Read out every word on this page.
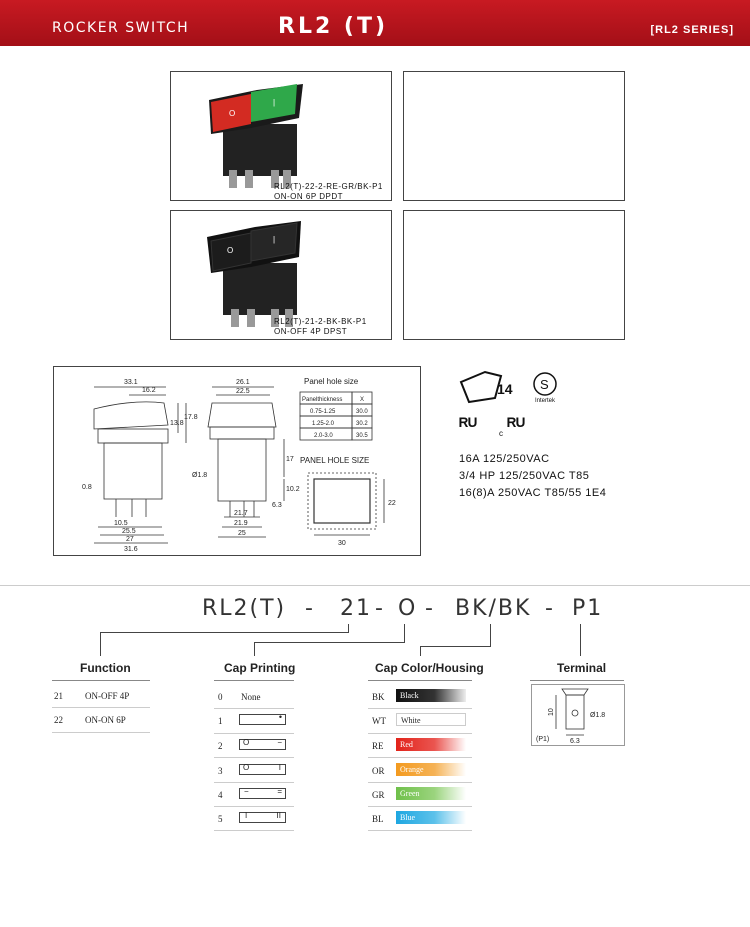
ROCKER SWITCH	RL2 (T)	[RL2 SERIES]
O
|
RL2(T)-22-2-RE-GR/BK-P1
ON-ON 6P DPDT
O
|
RL2(T)-21-2-BK-BK-P1
ON-OFF 4P DPST
33.1
16.2
13.8
17.8
0.8
10.5
25.5
27
31.6
26.1
22.5
17
10.2
6.3
21.7
21.9
25
Ø1.8
Panel hole size
Panelthickness	X
0.75-1.25	30.0
1.25-2.0	30.2
2.0-3.0	30.5
PANEL HOLE SIZE
30
22
14 S
Intertek
ᴿᵁ	c ᴿᵁ
16A 125/250VAC
3/4 HP 125/250VAC T85
16(8)A 250VAC T85/55 1E4
RL2(T) - 21 - O - BK/BK - P1
Function
21 ON-OFF 4P
22 ON-ON 6P
Cap Printing
0 None
1	•
2	O	−
3	O	I
4	−	=
5	I	II
Cap Color/Housing
BK	Black
WT	White
RE	Red
OR	Orange
GR	Green
BL	Blue
Terminal
10	Ø1.8
6.3
(P1)
